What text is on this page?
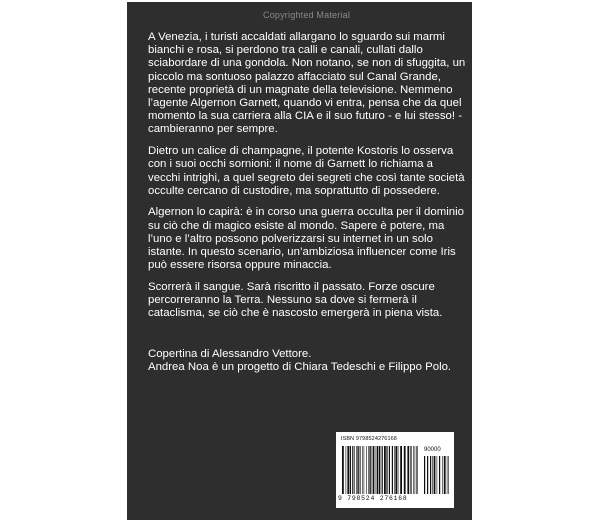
Copyrighted Material

A Venezia, i turisti accaldati allargano lo sguardo sui marmi bianchi e rosa, si perdono tra calli e canali, cullati dallo sciabordare di una gondola. Non notano, se non di sfuggita, un piccolo ma sontuoso palazzo affacciato sul Canal Grande, recente proprietà di un magnate della televisione. Nemmeno l’agente Algernon Garnett, quando vi entra, pensa che da quel momento la sua carriera alla CIA e il suo futuro - e lui stesso! - cambieranno per sempre.

Dietro un calice di champagne, il potente Kostoris lo osserva con i suoi occhi sornioni: il nome di Garnett lo richiama a vecchi intrighi, a quel segreto dei segreti che così tante società occulte cercano di custodire, ma soprattutto di possedere.

Algernon lo capirà: è in corso una guerra occulta per il dominio su ciò che di magico esiste al mondo. Sapere è potere, ma l’uno e l’altro possono polverizzarsi su internet in un solo istante. In questo scenario, un’ambiziosa influencer come Iris può essere risorsa oppure minaccia.

Scorrerà il sangue. Sarà riscritto il passato. Forze oscure percorreranno la Terra. Nessuno sa dove si fermerà il cataclisma, se ciò che è nascosto emergerà in piena vista.

Copertina di Alessandro Vettore.

Andrea Noa è un progetto di Chiara Tedeschi e Filippo Polo.

ISBN 9798524276168
90000
9 798524 276168
